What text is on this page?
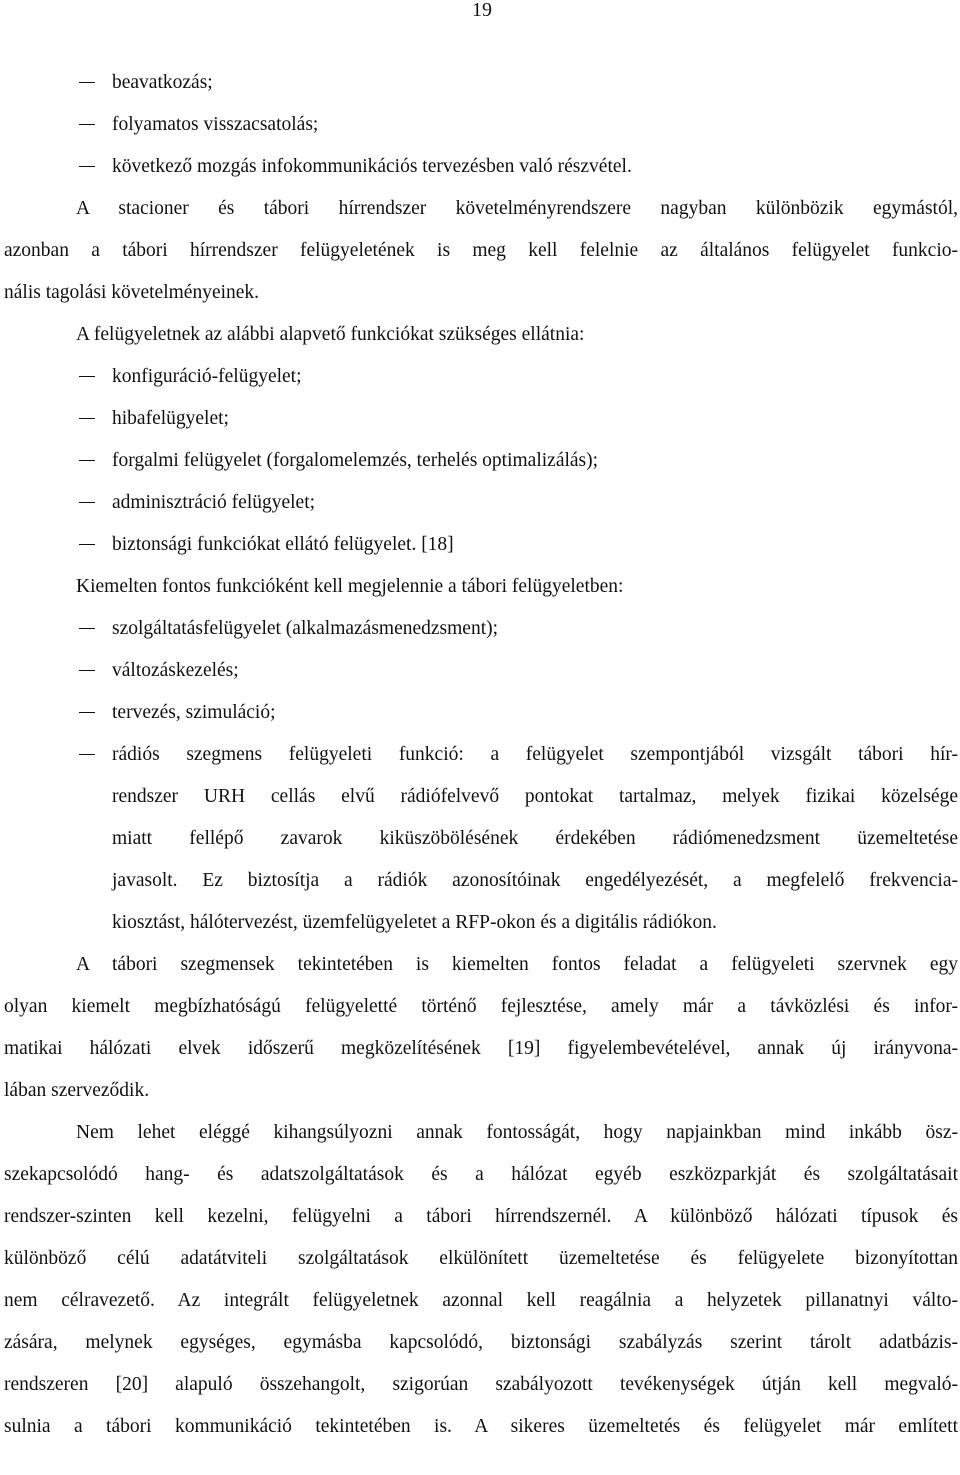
19
beavatkozás;
folyamatos visszacsatolás;
következő mozgás infokommunikációs tervezésben való részvétel.
A stacioner és tábori hírrendszer követelményrendszere nagyban különbözik egymástól,
azonban a tábori hírrendszer felügyeletének is meg kell felelnie az általános felügyelet funkcio-
nális tagolási követelményeinek.
A felügyeletnek az alábbi alapvető funkciókat szükséges ellátnia:
konfiguráció-felügyelet;
hibafelügyelet;
forgalmi felügyelet (forgalomelemzés, terhelés optimalizálás);
adminisztráció felügyelet;
biztonsági funkciókat ellátó felügyelet. [18]
Kiemelten fontos funkcióként kell megjelennie a tábori felügyeletben:
szolgáltatásfelügyelet (alkalmazásmenedzsment);
változáskezelés;
tervezés, szimuláció;
rádiós szegmens felügyeleti funkció: a felügyelet szempontjából vizsgált tábori hír-
rendszer URH cellás elvű rádiófelvevő pontokat tartalmaz, melyek fizikai közelsége
miatt fellépő zavarok kiküszöbölésének érdekében rádiómenedzsment üzemeltetése
javasolt. Ez biztosítja a rádiók azonosítóinak engedélyezését, a megfelelő frekvencia-
kiosztást, hálótervezést, üzemfelügyeletet a RFP-okon és a digitális rádiókon.
A tábori szegmensek tekintetében is kiemelten fontos feladat a felügyeleti szervnek egy
olyan kiemelt megbízhatóságú felügyeletté történő fejlesztése, amely már a távközlési és infor-
matikai hálózati elvek időszerű megközelítésének [19] figyelembevételével, annak új irányvona-
lában szerveződik.
Nem lehet eléggé kihangsúlyozni annak fontosságát, hogy napjainkban mind inkább ösz-
szekapcsolódó hang- és adatszolgáltatások és a hálózat egyéb eszközparkját és szolgáltatásait
rendszer-szinten kell kezelni, felügyelni a tábori hírrendszernél. A különböző hálózati típusok és
különböző célú adatátviteli szolgáltatások elkülönített üzemeltetése és felügyelete bizonyítottan
nem célravezető. Az integrált felügyeletnek azonnal kell reagálnia a helyzetek pillanatnyi válto-
zására, melynek egységes, egymásba kapcsolódó, biztonsági szabályzás szerint tárolt adatbázis-
rendszeren [20] alapuló összehangolt, szigorúan szabályozott tevékenységek útján kell megvaló-
sulnia a tábori kommunikáció tekintetében is. A sikeres üzemeltetés és felügyelet már említett
